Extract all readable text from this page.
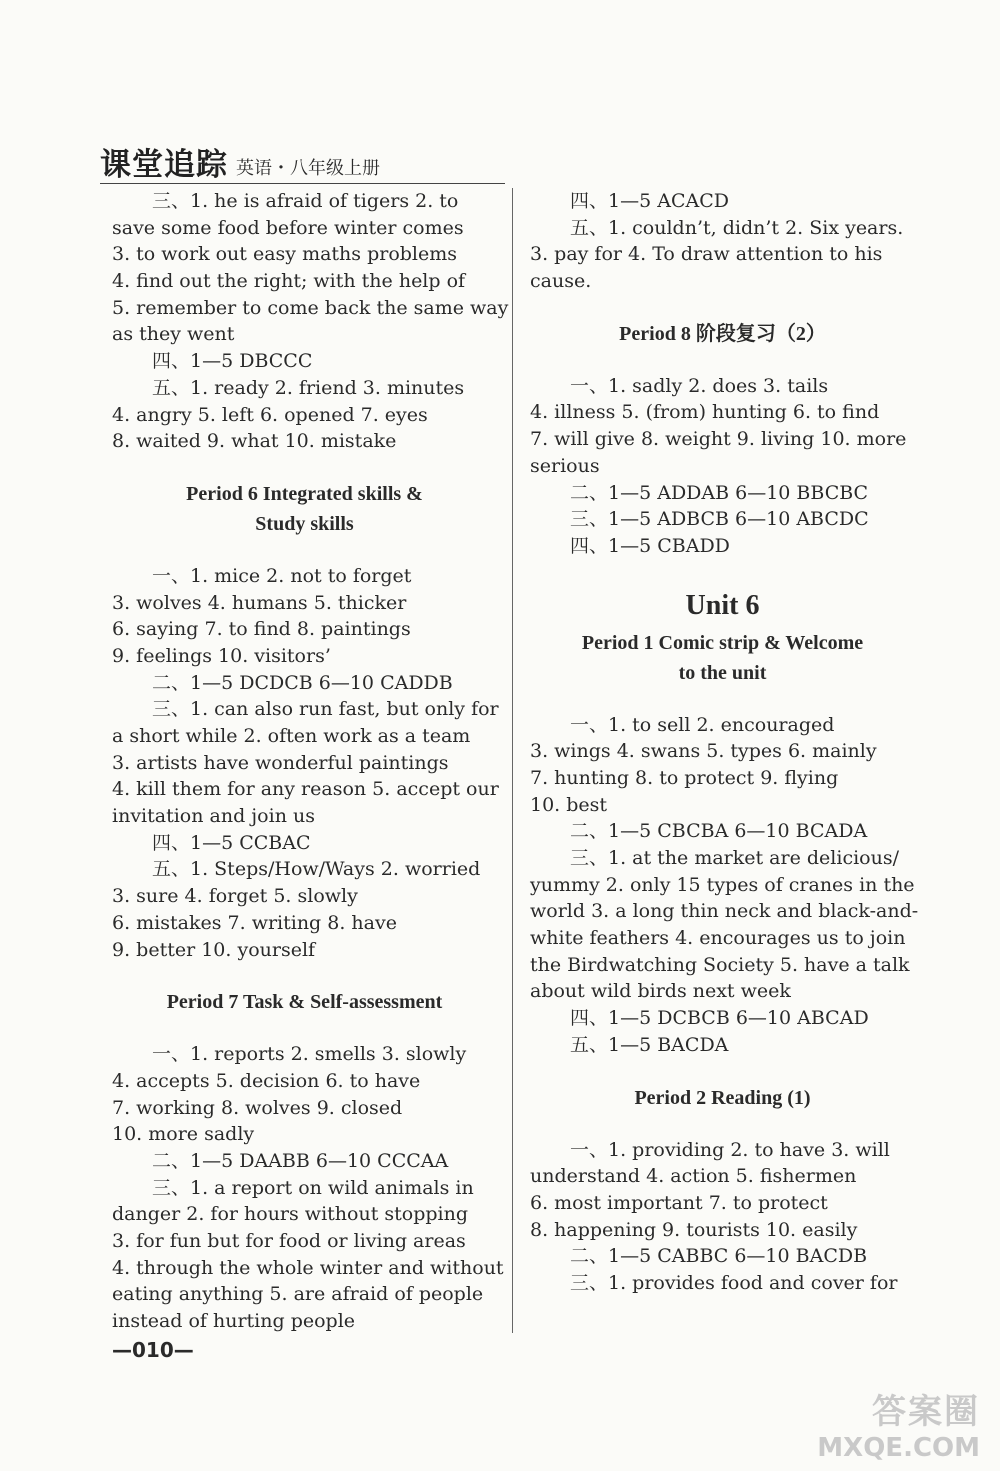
课堂追踪 英语・八年级上册
三、1. he is afraid of tigers 2. to
save some food before winter comes
3. to work out easy maths problems
4. find out the right; with the help of
5. remember to come back the same way
as they went
四、1—5 DBCCC
五、1. ready 2. friend 3. minutes
4. angry 5. left 6. opened 7. eyes
8. waited 9. what 10. mistake
Period 6 Integrated skills &
Study skills
一、1. mice 2. not to forget
3. wolves 4. humans 5. thicker
6. saying 7. to find 8. paintings
9. feelings 10. visitors’
二、1—5 DCDCB 6—10 CADDB
三、1. can also run fast, but only for
a short while 2. often work as a team
3. artists have wonderful paintings
4. kill them for any reason 5. accept our
invitation and join us
四、1—5 CCBAC
五、1. Steps/How/Ways 2. worried
3. sure 4. forget 5. slowly
6. mistakes 7. writing 8. have
9. better 10. yourself
Period 7 Task & Self-assessment
一、1. reports 2. smells 3. slowly
4. accepts 5. decision 6. to have
7. working 8. wolves 9. closed
10. more sadly
二、1—5 DAABB 6—10 CCCAA
三、1. a report on wild animals in
danger 2. for hours without stopping
3. for fun but for food or living areas
4. through the whole winter and without
eating anything 5. are afraid of people
instead of hurting people
四、1—5 ACACD
五、1. couldn’t, didn’t 2. Six years.
3. pay for 4. To draw attention to his
cause.
Period 8 阶段复习（2）
一、1. sadly 2. does 3. tails
4. illness 5. (from) hunting 6. to find
7. will give 8. weight 9. living 10. more
serious
二、1—5 ADDAB 6—10 BBCBC
三、1—5 ADBCB 6—10 ABCDC
四、1—5 CBADD
Unit 6
Period 1 Comic strip & Welcome
to the unit
一、1. to sell 2. encouraged
3. wings 4. swans 5. types 6. mainly
7. hunting 8. to protect 9. flying
10. best
二、1—5 CBCBA 6—10 BCADA
三、1. at the market are delicious/
yummy 2. only 15 types of cranes in the
world 3. a long thin neck and black-and-
white feathers 4. encourages us to join
the Birdwatching Society 5. have a talk
about wild birds next week
四、1—5 DCBCB 6—10 ABCAD
五、1—5 BACDA
Period 2 Reading (1)
一、1. providing 2. to have 3. will
understand 4. action 5. fishermen
6. most important 7. to protect
8. happening 9. tourists 10. easily
二、1—5 CABBC 6—10 BACDB
三、1. provides food and cover for
—010—
答案圈
MXQE.COM
